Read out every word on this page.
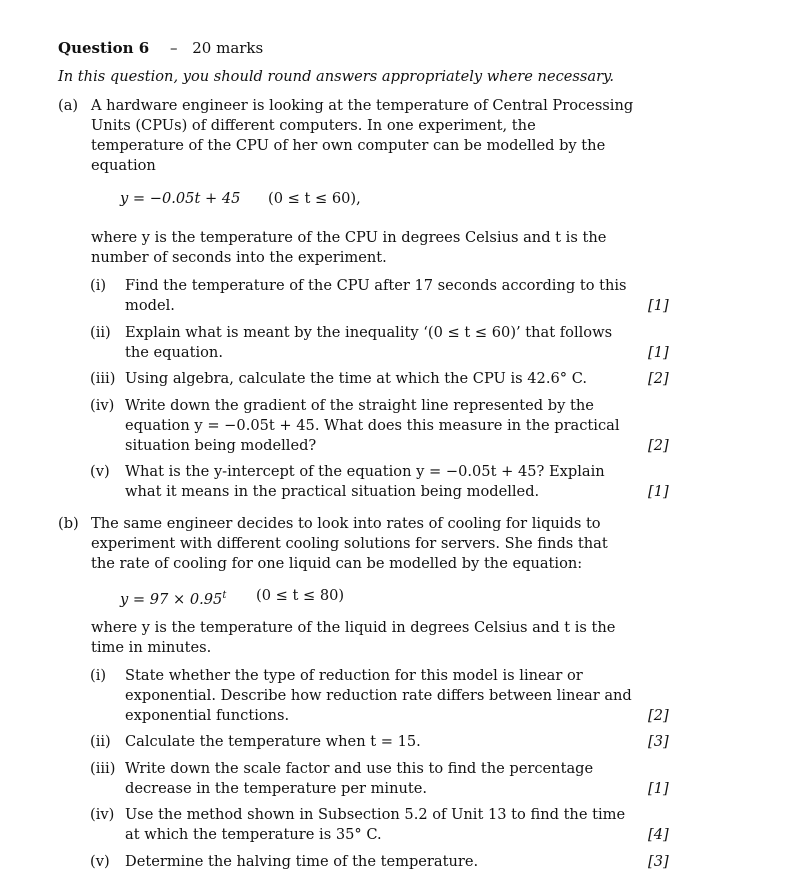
Question 6 – 20 marks
In this question, you should round answers appropriately where necessary.
(a) A hardware engineer is looking at the temperature of Central Processing

Units (CPUs) of different computers. In one experiment, the

temperature of the CPU of her own computer can be modelled by the

equation

y = −0.05t + 45 (0 ≤ t ≤ 60),

where y is the temperature of the CPU in degrees Celsius and t is the

number of seconds into the experiment.

(i) Find the temperature of the CPU after 17 seconds according to this

model.	[1]
(ii) Explain what is meant by the inequality ‘(0 ≤ t ≤ 60)’ that follows

the equation.	[1]
(iii) Using algebra, calculate the time at which the CPU is 42.6° C.	[2]
(iv) Write down the gradient of the straight line represented by the

equation y = −0.05t + 45. What does this measure in the practical

situation being modelled?	[2]
(v) What is the y-intercept of the equation y = −0.05t + 45? Explain

what it means in the practical situation being modelled.	[1]
(b) The same engineer decides to look into rates of cooling for liquids to

experiment with different cooling solutions for servers. She finds that

the rate of cooling for one liquid can be modelled by the equation:

$y = 97 \times 0.95^t$ (0 ≤ t ≤ 80)

where y is the temperature of the liquid in degrees Celsius and t is the

time in minutes.

(i) State whether the type of reduction for this model is linear or

exponential. Describe how reduction rate differs between linear and

exponential functions.	[2]
(ii) Calculate the temperature when t = 15.	[3]
(iii) Write down the scale factor and use this to find the percentage

decrease in the temperature per minute.	[1]
(iv) Use the method shown in Subsection 5.2 of Unit 13 to find the time

at which the temperature is 35° C.	[4]
(v) Determine the halving time of the temperature.	[3]
